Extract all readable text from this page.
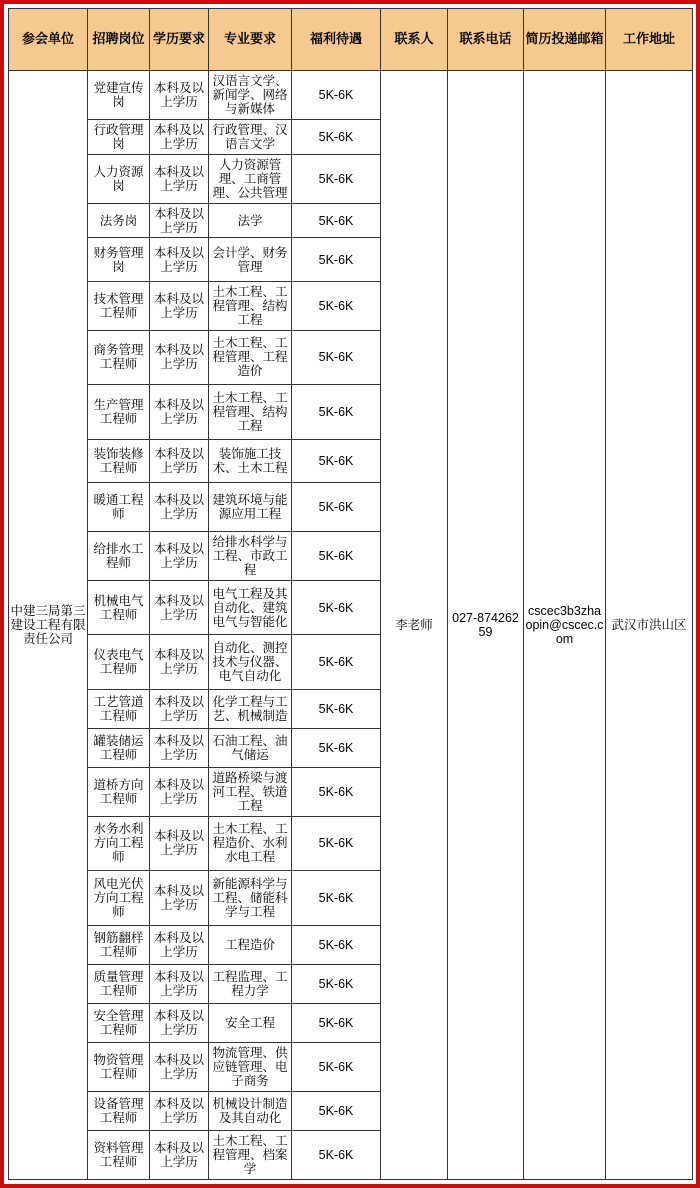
参会单位	招聘岗位	学历要求	专业要求	福利待遇	联系人	联系电话	简历投递邮箱	工作地址
中建三局第三建设工程有限责任公司	党建宣传岗	本科及以上学历	汉语言文学、新闻学、网络与新媒体	5K-6K	李老师	027-87426259	cscec3b3zhaopin@cscec.com	武汉市洪山区
	行政管理岗	本科及以上学历	行政管理、汉语言文学	5K-6K				
	人力资源岗	本科及以上学历	人力资源管理、工商管理、公共管理	5K-6K				
	法务岗	本科及以上学历	法学	5K-6K				
	财务管理岗	本科及以上学历	会计学、财务管理	5K-6K				
	技术管理工程师	本科及以上学历	土木工程、工程管理、结构工程	5K-6K				
	商务管理工程师	本科及以上学历	土木工程、工程管理、工程造价	5K-6K				
	生产管理工程师	本科及以上学历	土木工程、工程管理、结构工程	5K-6K				
	装饰装修工程师	本科及以上学历	装饰施工技术、土木工程	5K-6K				
	暖通工程师	本科及以上学历	建筑环境与能源应用工程	5K-6K				
	给排水工程师	本科及以上学历	给排水科学与工程、市政工程	5K-6K				
	机械电气工程师	本科及以上学历	电气工程及其自动化、建筑电气与智能化	5K-6K				
	仪表电气工程师	本科及以上学历	自动化、测控技术与仪器、电气自动化	5K-6K				
	工艺管道工程师	本科及以上学历	化学工程与工艺、机械制造	5K-6K				
	罐装储运工程师	本科及以上学历	石油工程、油气储运	5K-6K				
	道桥方向工程师	本科及以上学历	道路桥梁与渡河工程、铁道工程	5K-6K				
	水务水利方向工程师	本科及以上学历	土木工程、工程造价、水利水电工程	5K-6K				
	风电光伏方向工程师	本科及以上学历	新能源科学与工程、储能科学与工程	5K-6K				
	钢筋翻样工程师	本科及以上学历	工程造价	5K-6K				
	质量管理工程师	本科及以上学历	工程监理、工程力学	5K-6K				
	安全管理工程师	本科及以上学历	安全工程	5K-6K				
	物资管理工程师	本科及以上学历	物流管理、供应链管理、电子商务	5K-6K				
	设备管理工程师	本科及以上学历	机械设计制造及其自动化	5K-6K				
	资料管理工程师	本科及以上学历	土木工程、工程管理、档案学	5K-6K				
